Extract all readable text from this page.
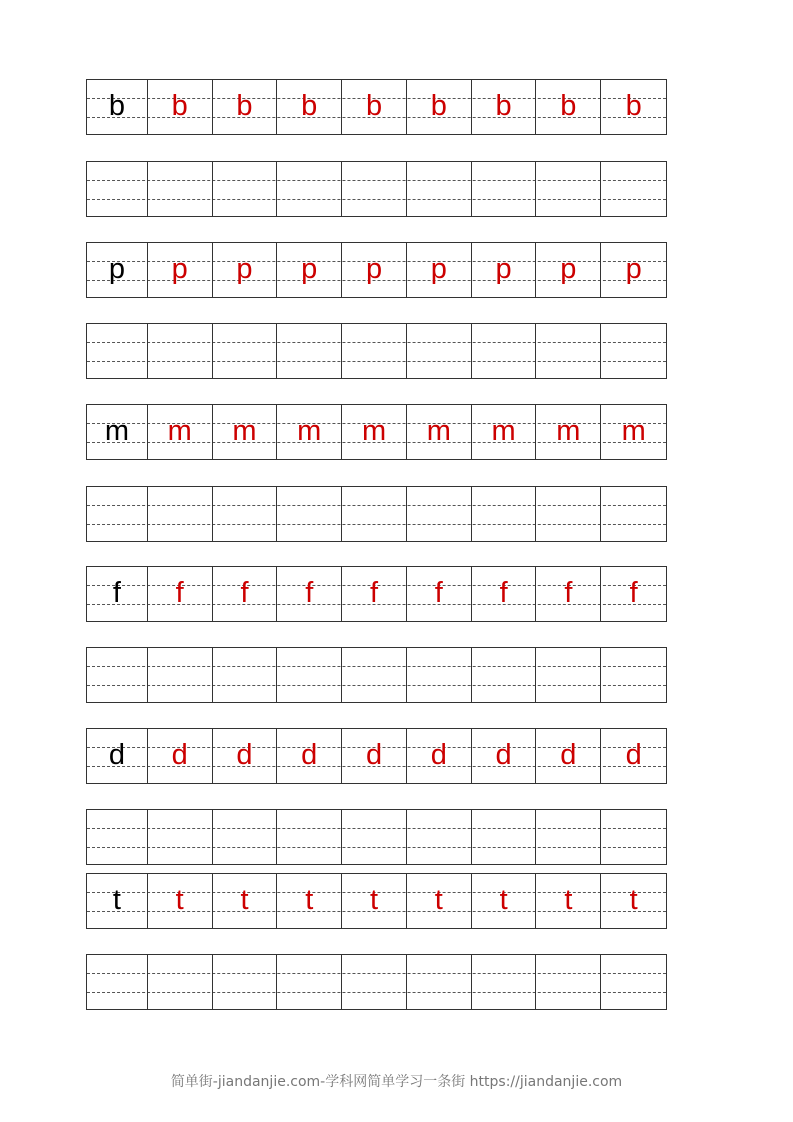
b b b b b b b b b
p p p p p p p p p
m m m m m m m m m
f f f f f f f f f
d d d d d d d d d
t t t t t t t t t
简单街-jiandanjie.com-学科网简单学习一条街 https://jiandanjie.com
